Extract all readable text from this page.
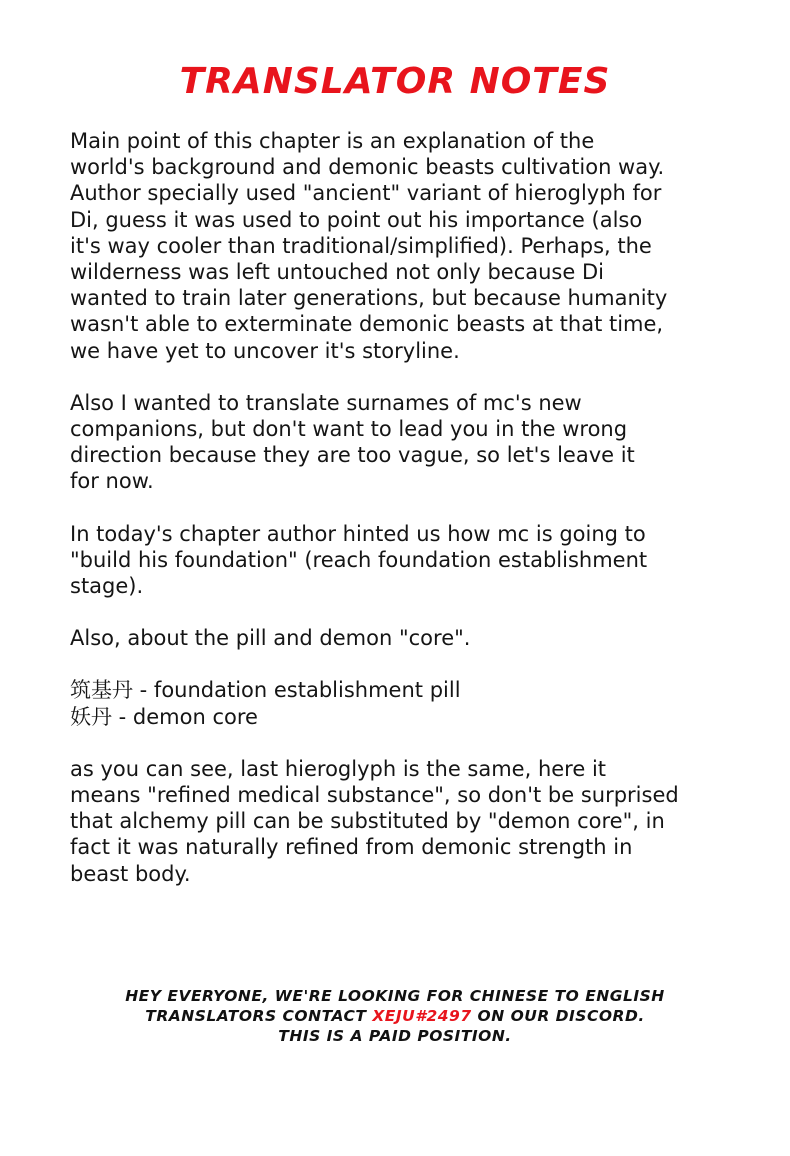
TRANSLATOR NOTES

Main point of this chapter is an explanation of the
world's background and demonic beasts cultivation way.
Author specially used "ancient" variant of hieroglyph for
Di, guess it was used to point out his importance (also
it's way cooler than traditional/simplified). Perhaps, the
wilderness was left untouched not only because Di
wanted to train later generations, but because humanity
wasn't able to exterminate demonic beasts at that time,
we have yet to uncover it's storyline.

Also I wanted to translate surnames of mc's new
companions, but don't want to lead you in the wrong
direction because they are too vague, so let's leave it
for now.

In today's chapter author hinted us how mc is going to
"build his foundation" (reach foundation establishment
stage).

Also, about the pill and demon "core".

筑基丹 - foundation establishment pill
妖丹 - demon core

as you can see, last hieroglyph is the same, here it
means "refined medical substance", so don't be surprised
that alchemy pill can be substituted by "demon core", in
fact it was naturally refined from demonic strength in
beast body.

HEY EVERYONE, WE'RE LOOKING FOR CHINESE TO ENGLISH
TRANSLATORS CONTACT XEJU#2497 ON OUR DISCORD.
THIS IS A PAID POSITION.
